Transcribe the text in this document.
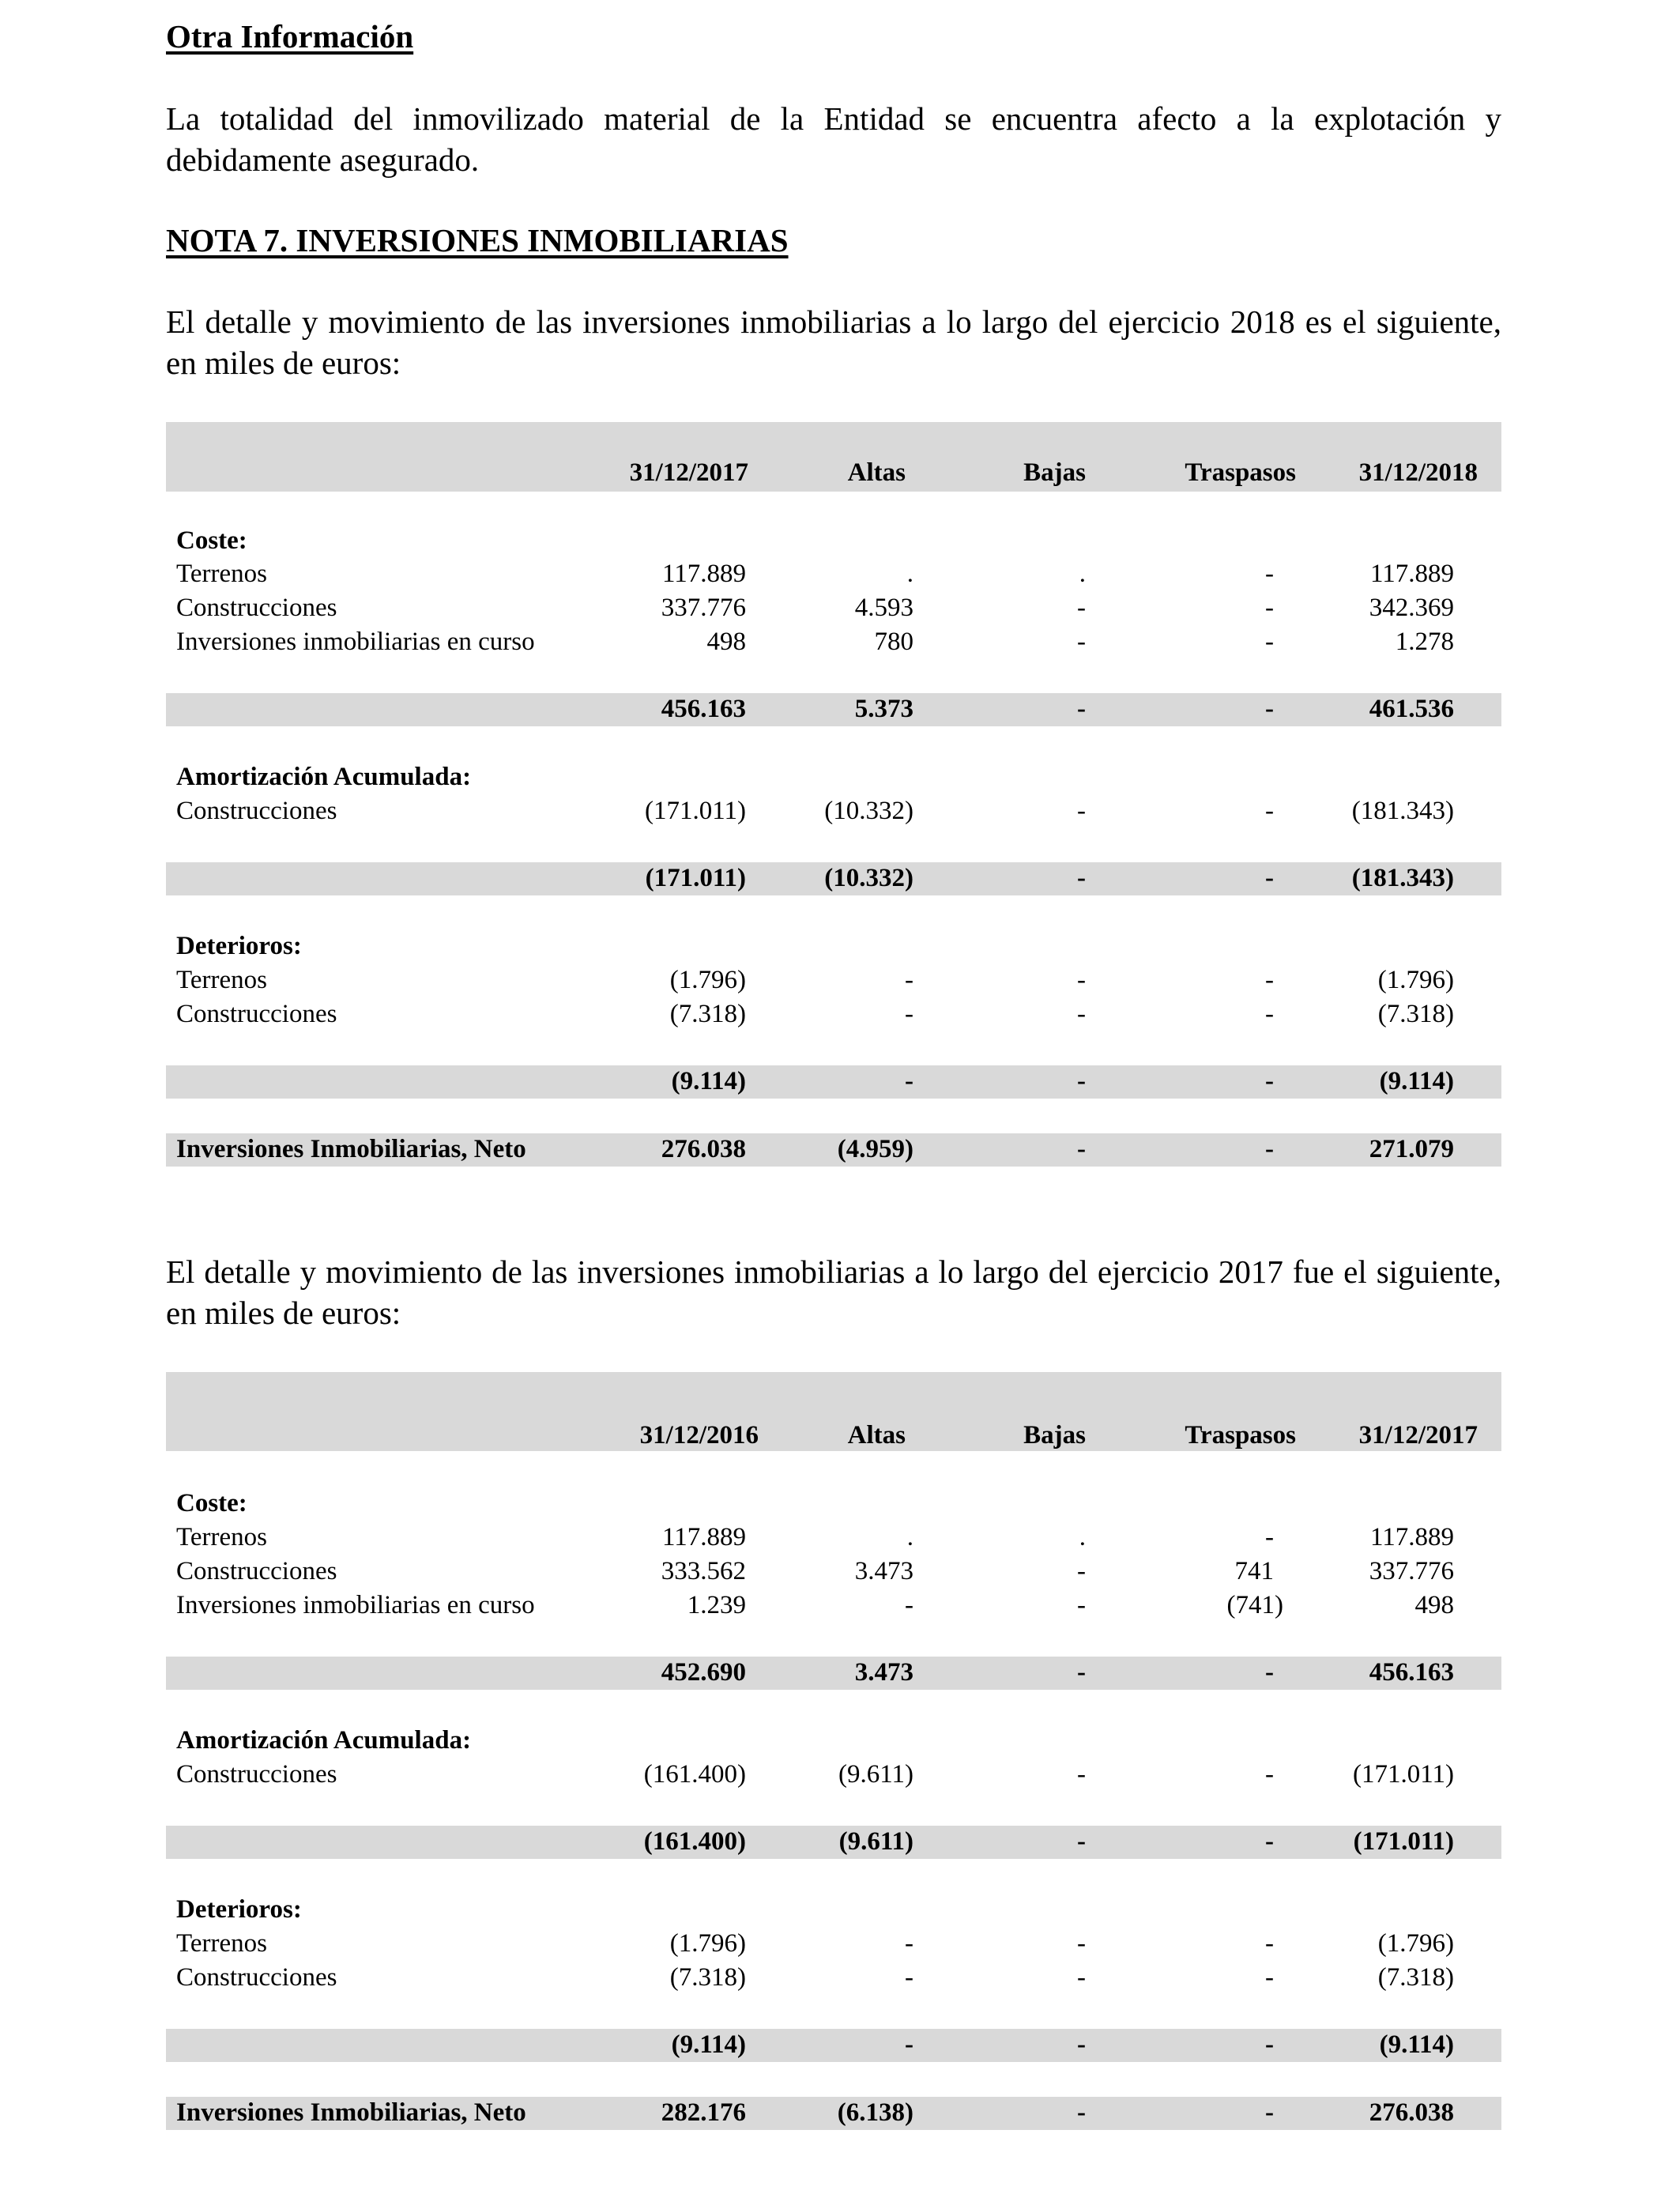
Otra Información
La totalidad del inmovilizado material de la Entidad se encuentra afecto a la explotación y debidamente asegurado.
NOTA 7. INVERSIONES INMOBILIARIAS
El detalle y movimiento de las inversiones inmobiliarias a lo largo del ejercicio 2018 es el siguiente, en miles de euros:
31/12/2017	Altas	Bajas	Traspasos 31/12/2018
Coste:
Terrenos	117.889	.	.	-	117.889
Construcciones	337.776	4.593	-	-	342.369
Inversiones inmobiliarias en curso	498	780	-	-	1.278
456.163	5.373	-	-	461.536
Amortización Acumulada:
Construcciones	(171.011)	(10.332)	-	-	(181.343)
(171.011)	(10.332)	-	-	(181.343)
Deterioros:
Terrenos	(1.796)	-	-	-	(1.796)
Construcciones	(7.318)	-	-	-	(7.318)
(9.114)	-	-	-	(9.114)
Inversiones Inmobiliarias, Neto	276.038	(4.959)	-	-	271.079
El detalle y movimiento de las inversiones inmobiliarias a lo largo del ejercicio 2017 fue el siguiente, en miles de euros:
31/12/2016	Altas	Bajas	Traspasos 31/12/2017
Coste:
Terrenos	117.889	.	.	-	117.889
Construcciones	333.562	3.473	-	741	337.776
Inversiones inmobiliarias en curso	1.239	-	-	(741)	498
452.690	3.473	-	-	456.163
Amortización Acumulada:
Construcciones	(161.400)	(9.611)	-	-	(171.011)
(161.400)	(9.611)	-	-	(171.011)
Deterioros:
Terrenos	(1.796)	-	-	-	(1.796)
Construcciones	(7.318)	-	-	-	(7.318)
(9.114)	-	-	-	(9.114)
Inversiones Inmobiliarias, Neto	282.176	(6.138)	-	-	276.038
